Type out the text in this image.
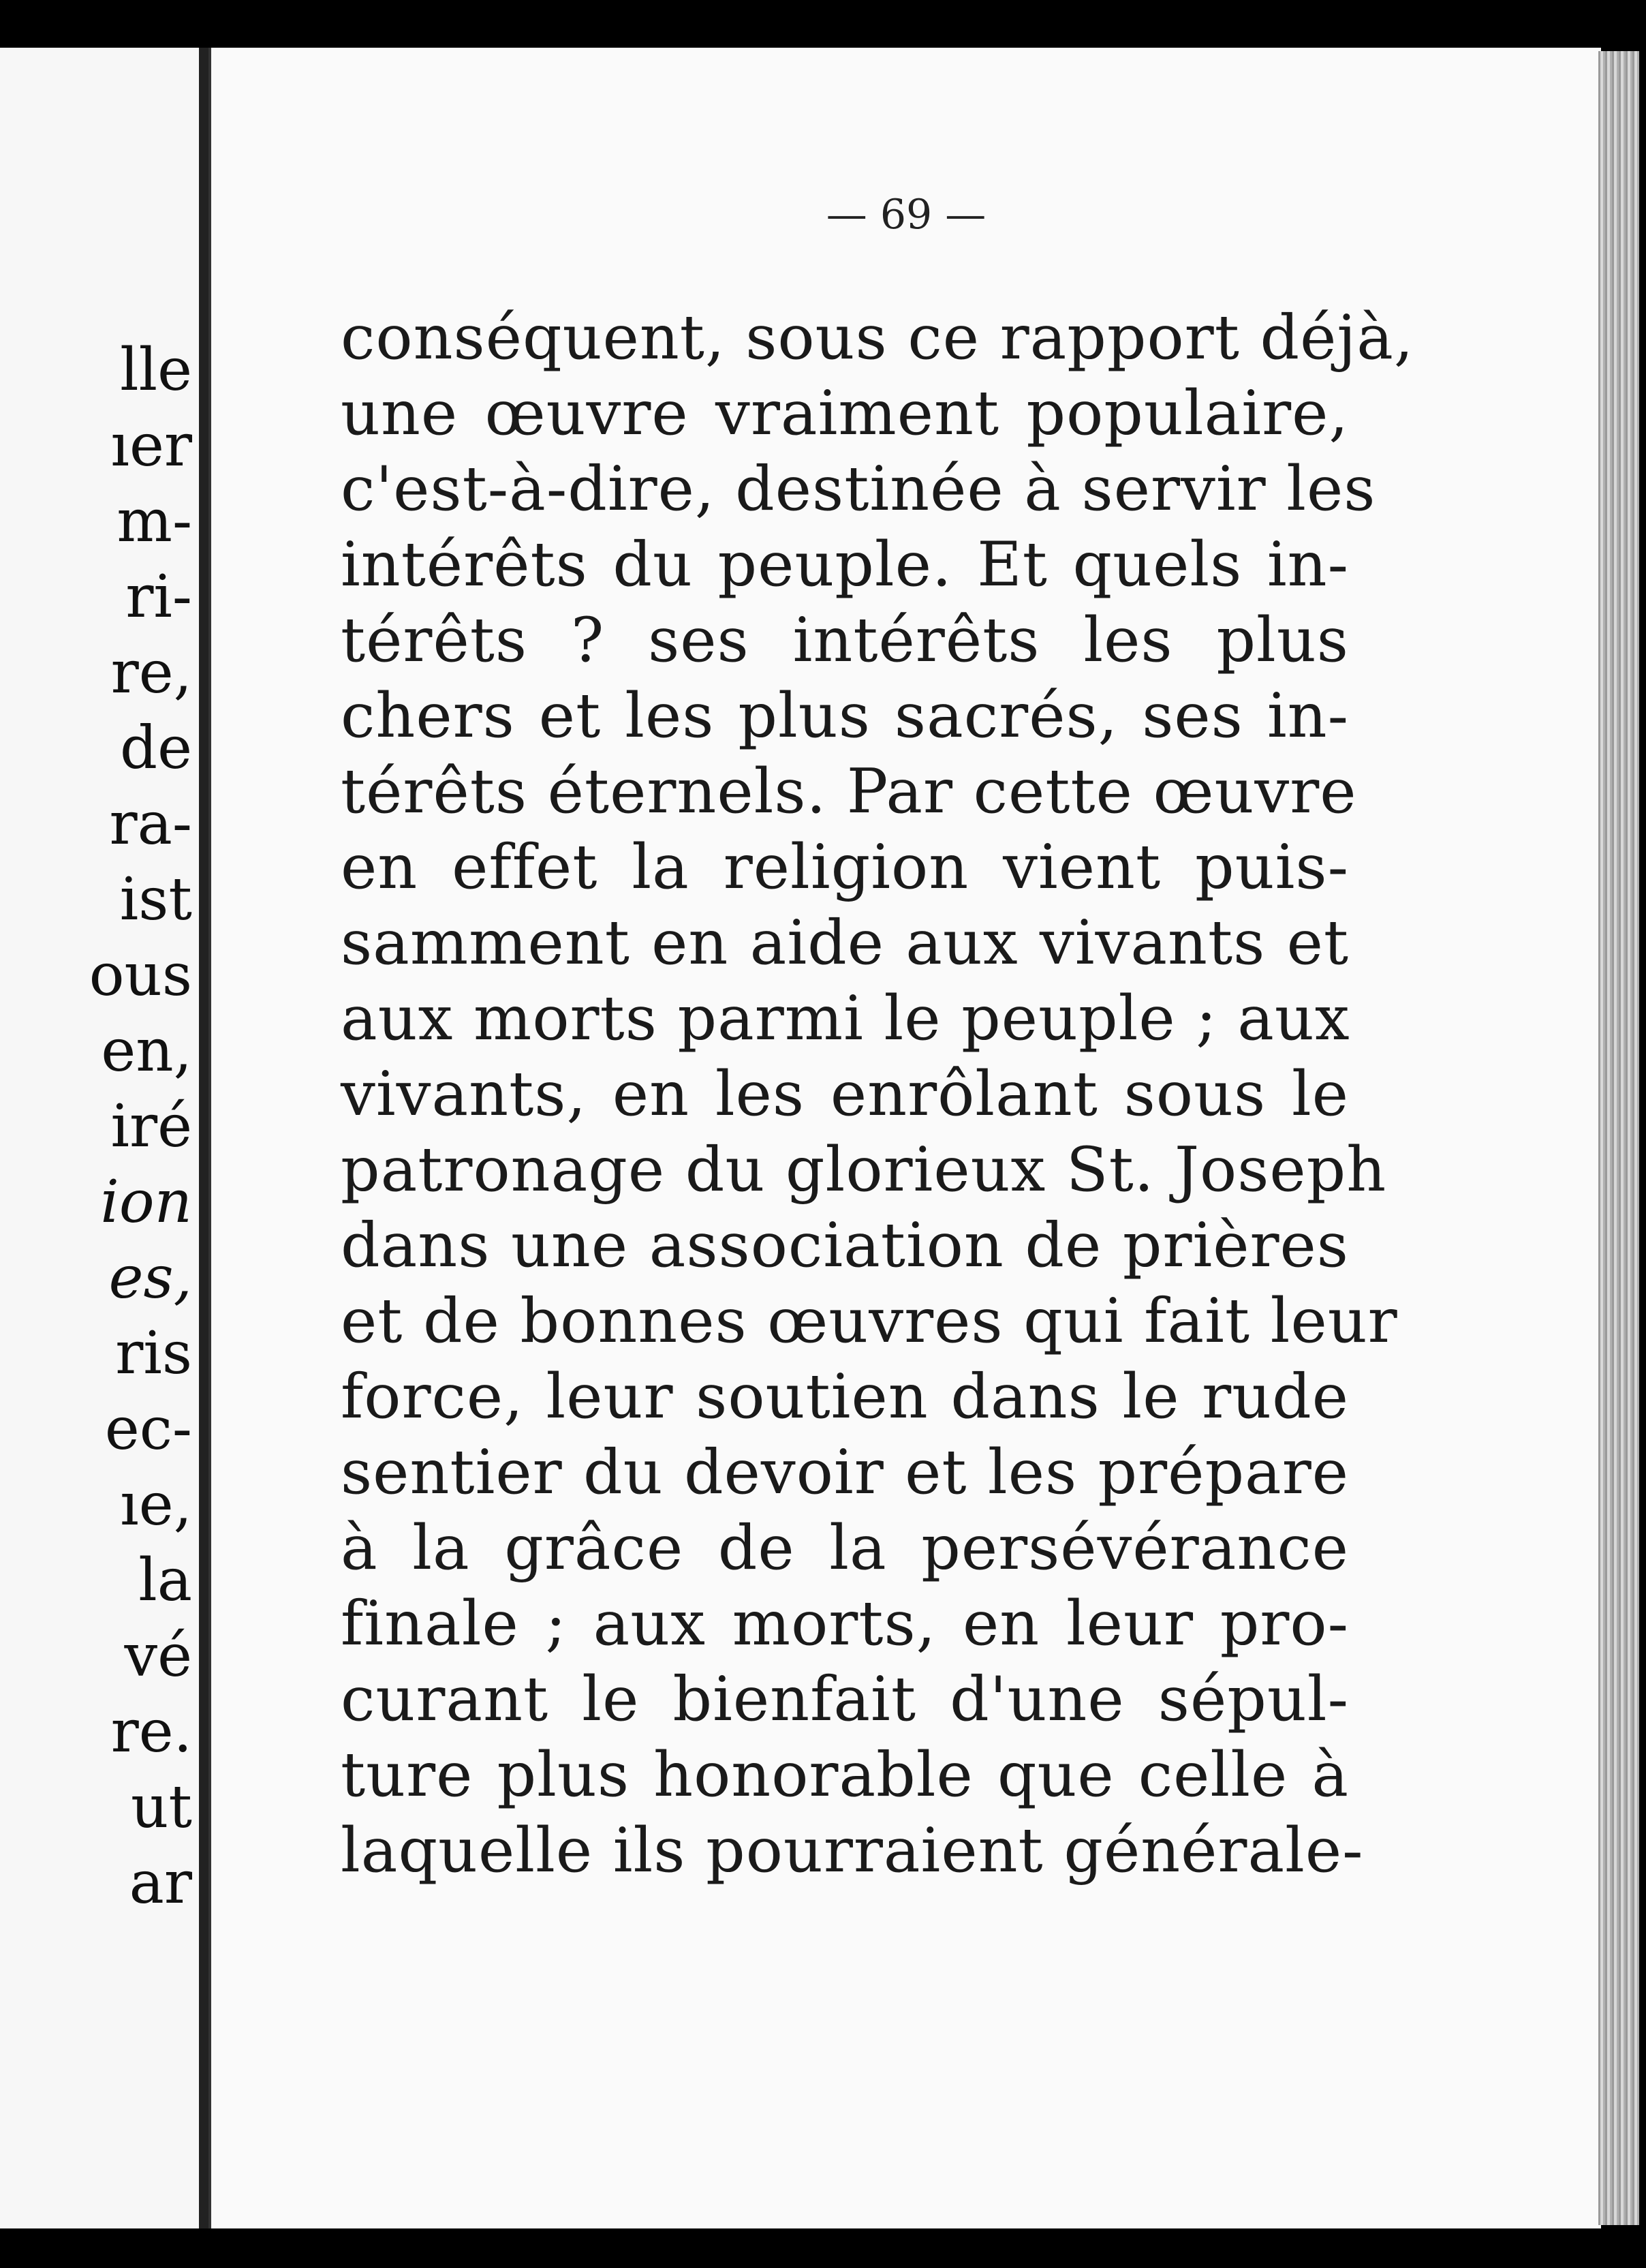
lle
ıer
m-
ri-
re,
de
ra-
ist
ous
en,
iré
ion
es,
ris
ec-
ıe,
la
vé
re.
ut
ar
— 69 —
conséquent, sous ce rapport déjà,
une œuvre vraiment populaire,
c'est-à-dire, destinée à servir les
intérêts du peuple. Et quels in-
térêts ? ses intérêts les plus
chers et les plus sacrés, ses in-
térêts éternels. Par cette œuvre
en effet la religion vient puis-
samment en aide aux vivants et
aux morts parmi le peuple ; aux
vivants, en les enrôlant sous le
patronage du glorieux St. Joseph
dans une association de prières
et de bonnes œuvres qui fait leur
force, leur soutien dans le rude
sentier du devoir et les prépare
à la grâce de la persévérance
finale ; aux morts, en leur pro-
curant le bienfait d'une sépul-
ture plus honorable que celle à
laquelle ils pourraient générale-
